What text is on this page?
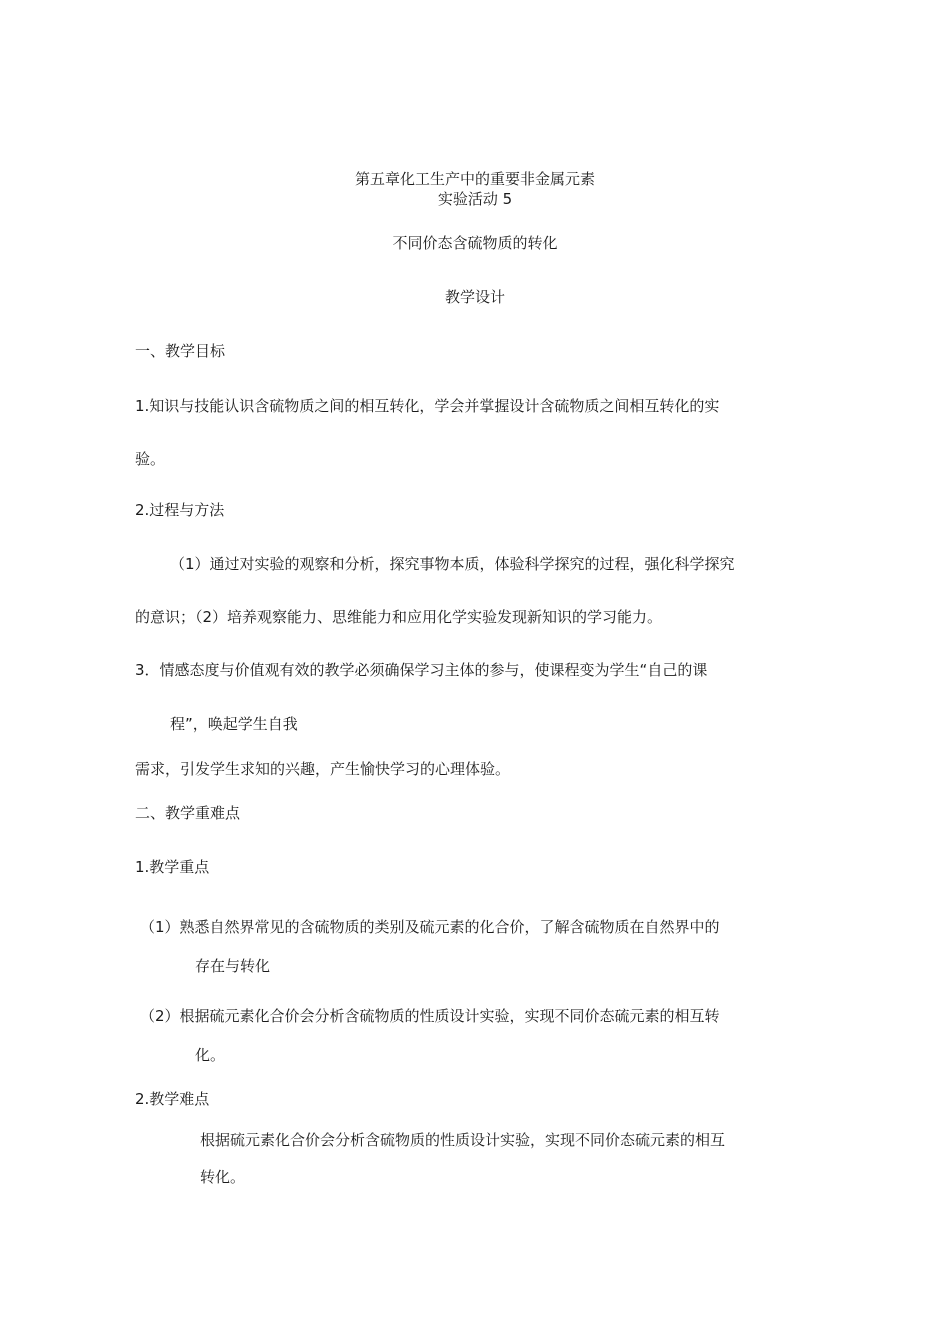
第五章化工生产中的重要非金属元素
实验活动 5
不同价态含硫物质的转化
教学设计
一、教学目标
1.知识与技能认识含硫物质之间的相互转化，学会并掌握设计含硫物质之间相互转化的实
验。
2.过程与方法
（1）通过对实验的观察和分析，探究事物本质，体验科学探究的过程，强化科学探究
的意识；（2）培养观察能力、思维能力和应用化学实验发现新知识的学习能力。
3．情感态度与价值观有效的教学必须确保学习主体的参与，使课程变为学生“自己的课
程”，唤起学生自我
需求，引发学生求知的兴趣，产生愉快学习的心理体验。
二、教学重难点
1.教学重点
（1）熟悉自然界常见的含硫物质的类别及硫元素的化合价，了解含硫物质在自然界中的
存在与转化
（2）根据硫元素化合价会分析含硫物质的性质设计实验，实现不同价态硫元素的相互转
化。
2.教学难点
根据硫元素化合价会分析含硫物质的性质设计实验，实现不同价态硫元素的相互
转化。
